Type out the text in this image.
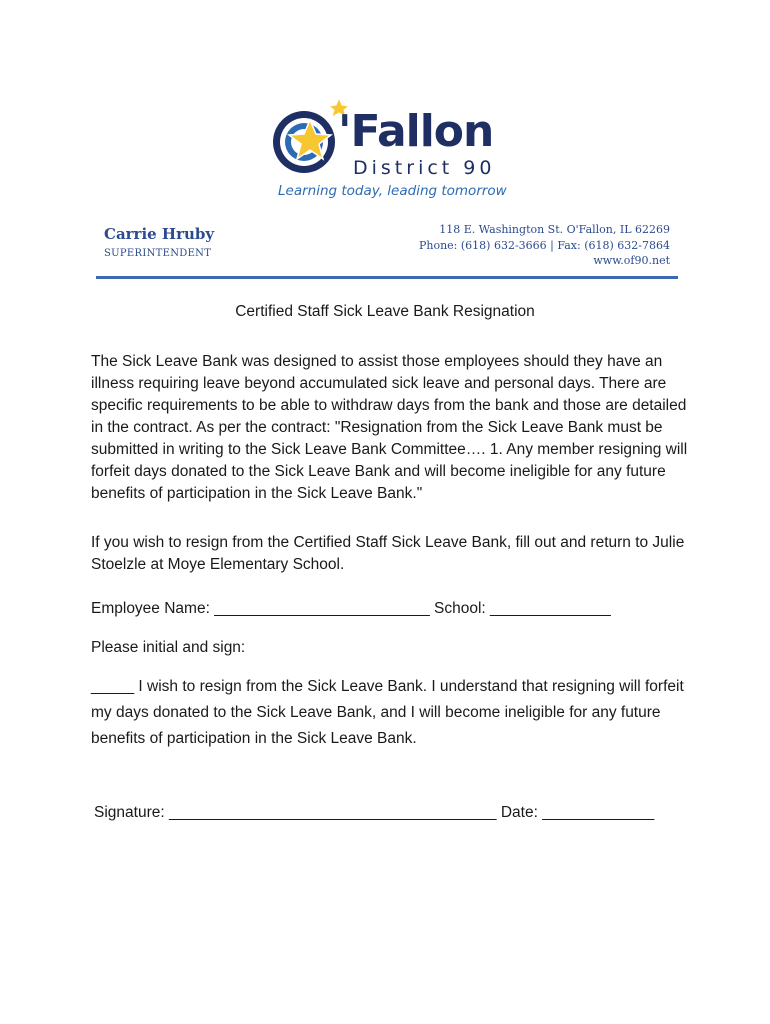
'Fallon
District 90
Learning today, leading tomorrow
Carrie Hruby
SUPERINTENDENT
118 E. Washington St. O'Fallon, IL 62269
Phone: (618) 632-3666 | Fax: (618) 632-7864
www.of90.net
Certified Staff Sick Leave Bank Resignation

The Sick Leave Bank was designed to assist those employees should they have an illness requiring leave beyond accumulated sick leave and personal days. There are specific requirements to be able to withdraw days from the bank and those are detailed in the contract. As per the contract: "Resignation from the Sick Leave Bank must be submitted in writing to the Sick Leave Bank Committee…. 1. Any member resigning will forfeit days donated to the Sick Leave Bank and will become ineligible for any future benefits of participation in the Sick Leave Bank."

If you wish to resign from the Certified Staff Sick Leave Bank, fill out and return to Julie Stoelzle at Moye Elementary School.

Employee Name: _________________________ School: ______________

Please initial and sign:

_____ I wish to resign from the Sick Leave Bank. I understand that resigning will forfeit my days donated to the Sick Leave Bank, and I will become ineligible for any future benefits of participation in the Sick Leave Bank.

Signature: ______________________________________ Date: _____________
